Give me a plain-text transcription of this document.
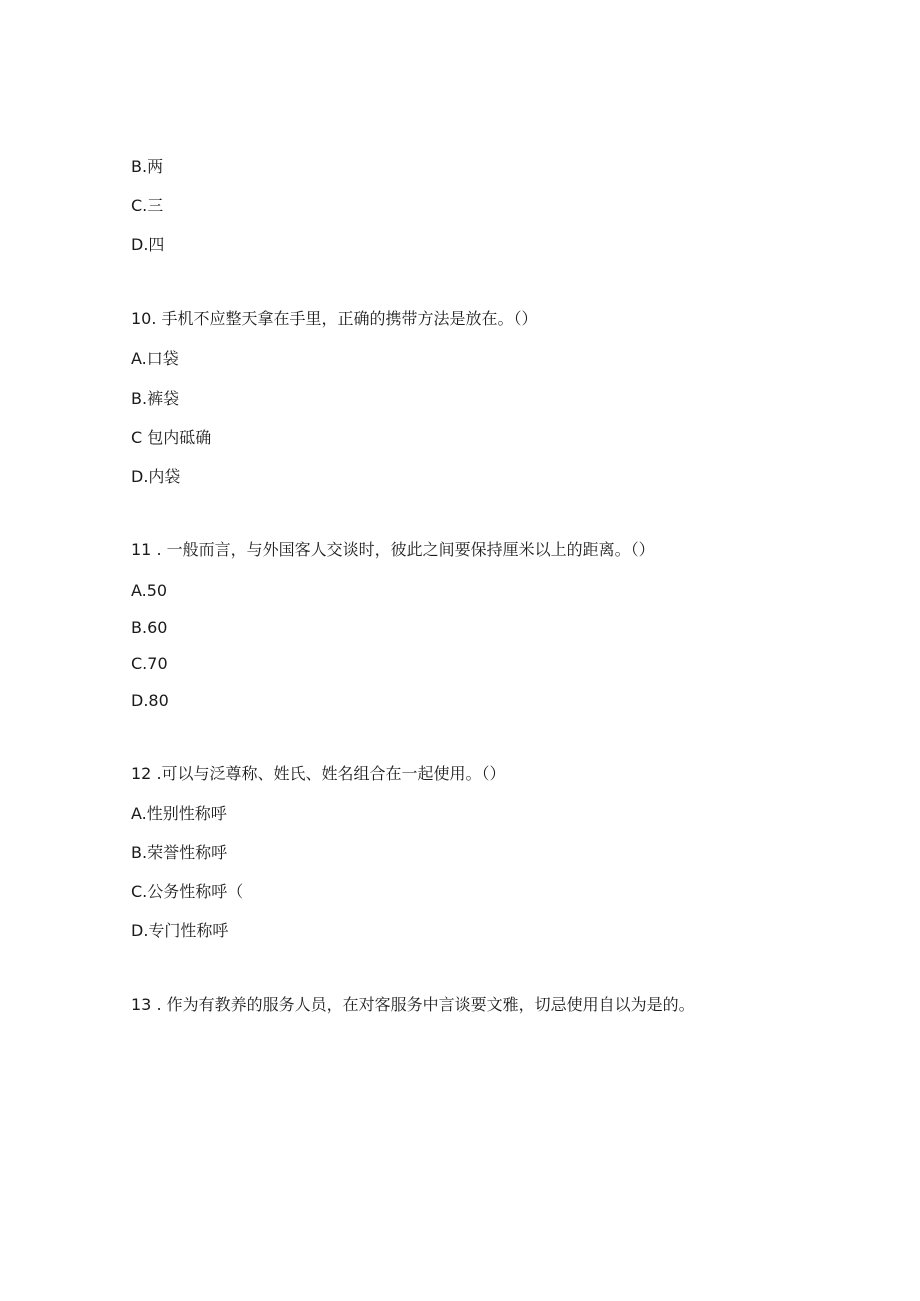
B.两

C.三

D.四

10. 手机不应整天拿在手里，正确的携带方法是放在。（）

A.口袋

B.裤袋

C 包内砥确

D.内袋

11 . 一般而言，与外国客人交谈时，彼此之间要保持厘米以上的距离。（）

A.50

B.60

C.70

D.80

12 .可以与泛尊称、姓氏、姓名组合在一起使用。（）

A.性别性称呼

B.荣誉性称呼

C.公务性称呼（

D.专门性称呼

13 . 作为有教养的服务人员，在对客服务中言谈要文雅，切忌使用自以为是的。
